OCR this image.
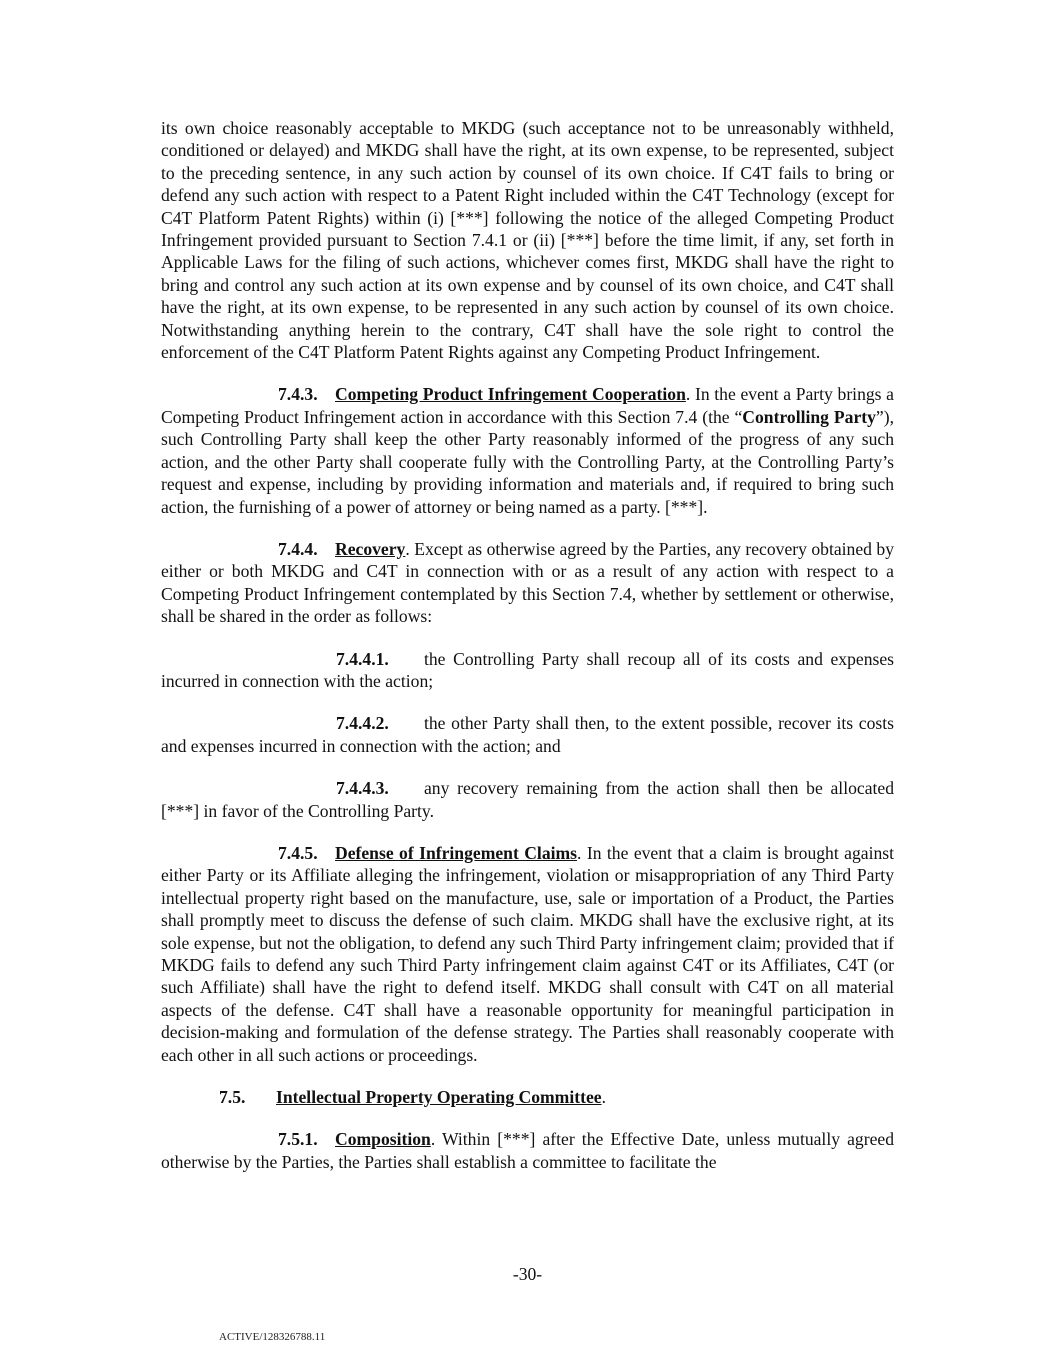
its own choice reasonably acceptable to MKDG (such acceptance not to be unreasonably withheld, conditioned or delayed) and MKDG shall have the right, at its own expense, to be represented, subject to the preceding sentence, in any such action by counsel of its own choice. If C4T fails to bring or defend any such action with respect to a Patent Right included within the C4T Technology (except for C4T Platform Patent Rights) within (i) [***] following the notice of the alleged Competing Product Infringement provided pursuant to Section 7.4.1 or (ii) [***] before the time limit, if any, set forth in Applicable Laws for the filing of such actions, whichever comes first, MKDG shall have the right to bring and control any such action at its own expense and by counsel of its own choice, and C4T shall have the right, at its own expense, to be represented in any such action by counsel of its own choice. Notwithstanding anything herein to the contrary, C4T shall have the sole right to control the enforcement of the C4T Platform Patent Rights against any Competing Product Infringement.

7.4.3. Competing Product Infringement Cooperation. In the event a Party brings a Competing Product Infringement action in accordance with this Section 7.4 (the “Controlling Party”), such Controlling Party shall keep the other Party reasonably informed of the progress of any such action, and the other Party shall cooperate fully with the Controlling Party, at the Controlling Party’s request and expense, including by providing information and materials and, if required to bring such action, the furnishing of a power of attorney or being named as a party. [***].

7.4.4. Recovery. Except as otherwise agreed by the Parties, any recovery obtained by either or both MKDG and C4T in connection with or as a result of any action with respect to a Competing Product Infringement contemplated by this Section 7.4, whether by settlement or otherwise, shall be shared in the order as follows:

7.4.4.1. the Controlling Party shall recoup all of its costs and expenses incurred in connection with the action;

7.4.4.2. the other Party shall then, to the extent possible, recover its costs and expenses incurred in connection with the action; and

7.4.4.3. any recovery remaining from the action shall then be allocated [***] in favor of the Controlling Party.

7.4.5. Defense of Infringement Claims. In the event that a claim is brought against either Party or its Affiliate alleging the infringement, violation or misappropriation of any Third Party intellectual property right based on the manufacture, use, sale or importation of a Product, the Parties shall promptly meet to discuss the defense of such claim. MKDG shall have the exclusive right, at its sole expense, but not the obligation, to defend any such Third Party infringement claim; provided that if MKDG fails to defend any such Third Party infringement claim against C4T or its Affiliates, C4T (or such Affiliate) shall have the right to defend itself. MKDG shall consult with C4T on all material aspects of the defense. C4T shall have a reasonable opportunity for meaningful participation in decision-making and formulation of the defense strategy. The Parties shall reasonably cooperate with each other in all such actions or proceedings.

7.5. Intellectual Property Operating Committee.

7.5.1. Composition. Within [***] after the Effective Date, unless mutually agreed otherwise by the Parties, the Parties shall establish a committee to facilitate the

-30-
ACTIVE/128326788.11
